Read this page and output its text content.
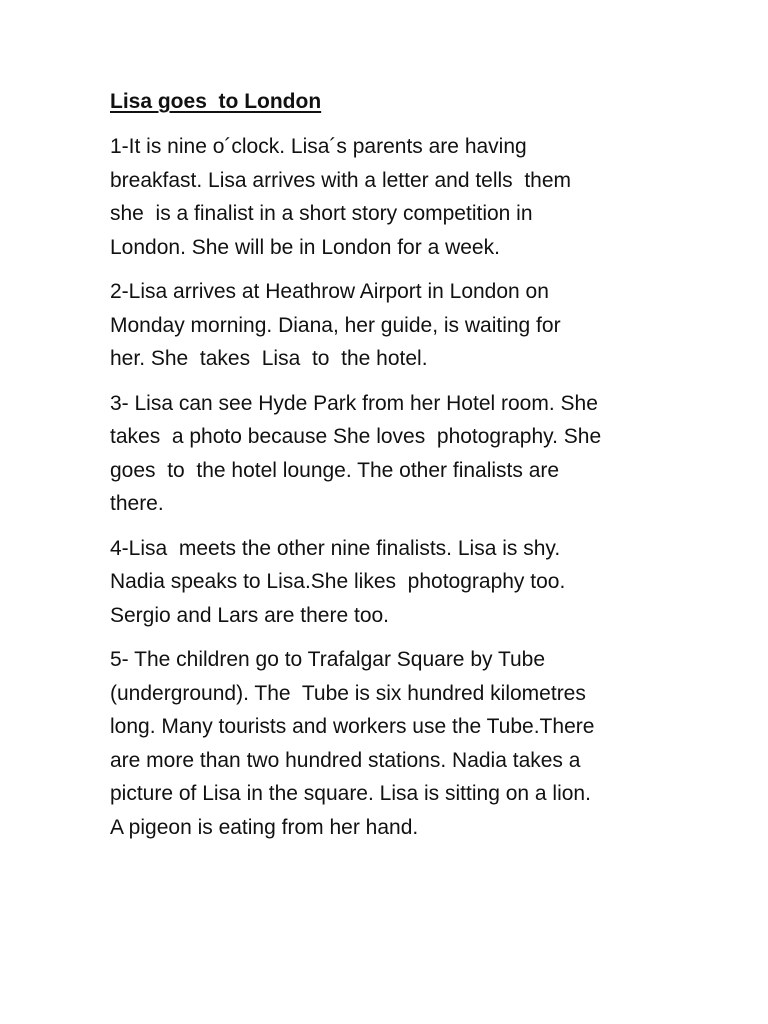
Lisa goes  to London
1-It is nine o´clock. Lisa´s parents are having
breakfast. Lisa arrives with a letter and tells  them
she  is a finalist in a short story competition in
London. She will be in London for a week.
2-Lisa arrives at Heathrow Airport in London on
Monday morning. Diana, her guide, is waiting for
her. She  takes  Lisa  to  the hotel.
3- Lisa can see Hyde Park from her Hotel room. She
takes  a photo because She loves  photography. She
goes  to  the hotel lounge. The other finalists are
there.
4-Lisa  meets the other nine finalists. Lisa is shy.
Nadia speaks to Lisa.She likes  photography too.
Sergio and Lars are there too.
5- The children go to Trafalgar Square by Tube
(underground). The  Tube is six hundred kilometres
long. Many tourists and workers use the Tube.There
are more than two hundred stations. Nadia takes a
picture of Lisa in the square. Lisa is sitting on a lion.
A pigeon is eating from her hand.
